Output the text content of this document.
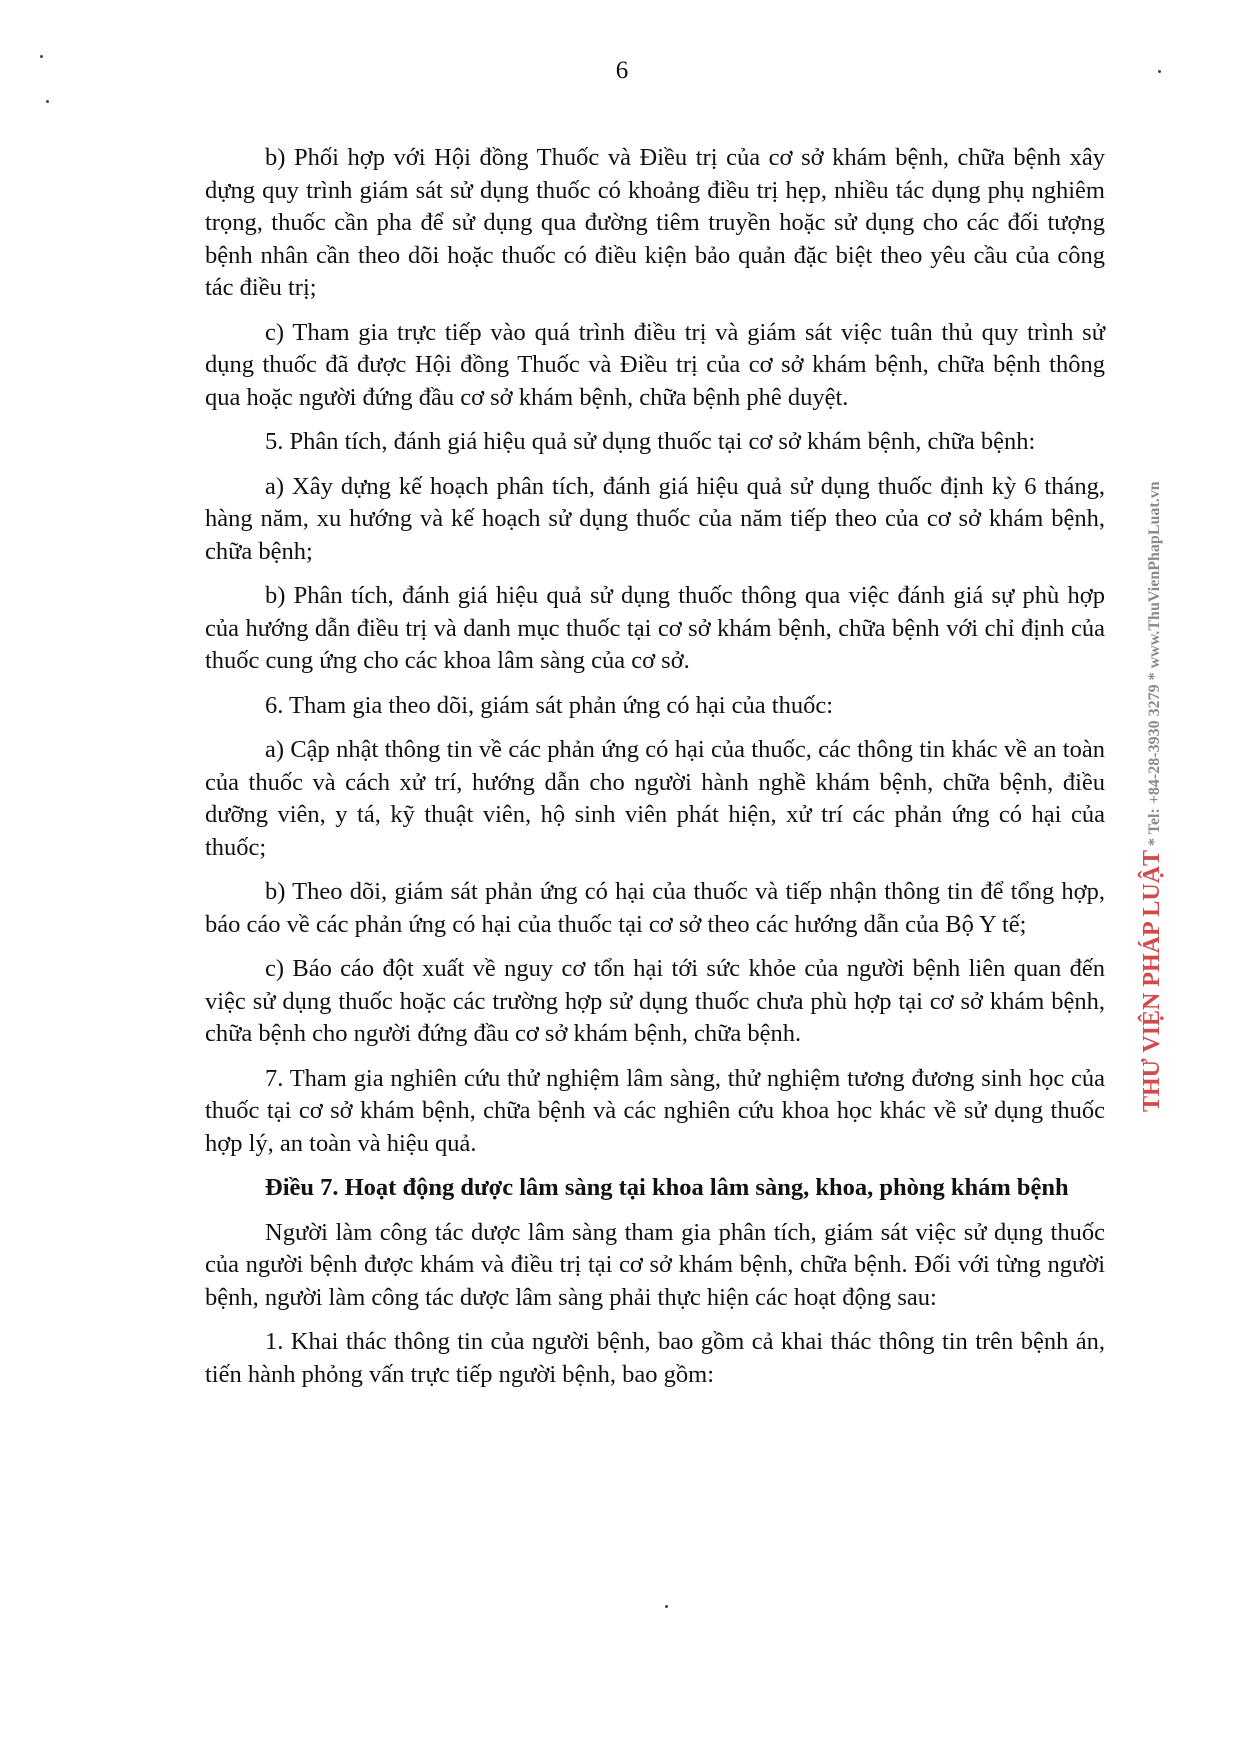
6

b) Phối hợp với Hội đồng Thuốc và Điều trị của cơ sở khám bệnh, chữa bệnh xây dựng quy trình giám sát sử dụng thuốc có khoảng điều trị hẹp, nhiều tác dụng phụ nghiêm trọng, thuốc cần pha để sử dụng qua đường tiêm truyền hoặc sử dụng cho các đối tượng bệnh nhân cần theo dõi hoặc thuốc có điều kiện bảo quản đặc biệt theo yêu cầu của công tác điều trị;

c) Tham gia trực tiếp vào quá trình điều trị và giám sát việc tuân thủ quy trình sử dụng thuốc đã được Hội đồng Thuốc và Điều trị của cơ sở khám bệnh, chữa bệnh thông qua hoặc người đứng đầu cơ sở khám bệnh, chữa bệnh phê duyệt.

5. Phân tích, đánh giá hiệu quả sử dụng thuốc tại cơ sở khám bệnh, chữa bệnh:

a) Xây dựng kế hoạch phân tích, đánh giá hiệu quả sử dụng thuốc định kỳ 6 tháng, hàng năm, xu hướng và kế hoạch sử dụng thuốc của năm tiếp theo của cơ sở khám bệnh, chữa bệnh;

b) Phân tích, đánh giá hiệu quả sử dụng thuốc thông qua việc đánh giá sự phù hợp của hướng dẫn điều trị và danh mục thuốc tại cơ sở khám bệnh, chữa bệnh với chỉ định của thuốc cung ứng cho các khoa lâm sàng của cơ sở.

6. Tham gia theo dõi, giám sát phản ứng có hại của thuốc:

a) Cập nhật thông tin về các phản ứng có hại của thuốc, các thông tin khác về an toàn của thuốc và cách xử trí, hướng dẫn cho người hành nghề khám bệnh, chữa bệnh, điều dưỡng viên, y tá, kỹ thuật viên, hộ sinh viên phát hiện, xử trí các phản ứng có hại của thuốc;

b) Theo dõi, giám sát phản ứng có hại của thuốc và tiếp nhận thông tin để tổng hợp, báo cáo về các phản ứng có hại của thuốc tại cơ sở theo các hướng dẫn của Bộ Y tế;

c) Báo cáo đột xuất về nguy cơ tổn hại tới sức khỏe của người bệnh liên quan đến việc sử dụng thuốc hoặc các trường hợp sử dụng thuốc chưa phù hợp tại cơ sở khám bệnh, chữa bệnh cho người đứng đầu cơ sở khám bệnh, chữa bệnh.

7. Tham gia nghiên cứu thử nghiệm lâm sàng, thử nghiệm tương đương sinh học của thuốc tại cơ sở khám bệnh, chữa bệnh và các nghiên cứu khoa học khác về sử dụng thuốc hợp lý, an toàn và hiệu quả.

Điều 7. Hoạt động dược lâm sàng tại khoa lâm sàng, khoa, phòng khám bệnh

Người làm công tác dược lâm sàng tham gia phân tích, giám sát việc sử dụng thuốc của người bệnh được khám và điều trị tại cơ sở khám bệnh, chữa bệnh. Đối với từng người bệnh, người làm công tác dược lâm sàng phải thực hiện các hoạt động sau:

1. Khai thác thông tin của người bệnh, bao gồm cả khai thác thông tin trên bệnh án, tiến hành phỏng vấn trực tiếp người bệnh, bao gồm:

THƯ VIỆN PHÁP LUẬT * Tel: +84-28-3930 3279 * www.ThuVienPhapLuat.vn
